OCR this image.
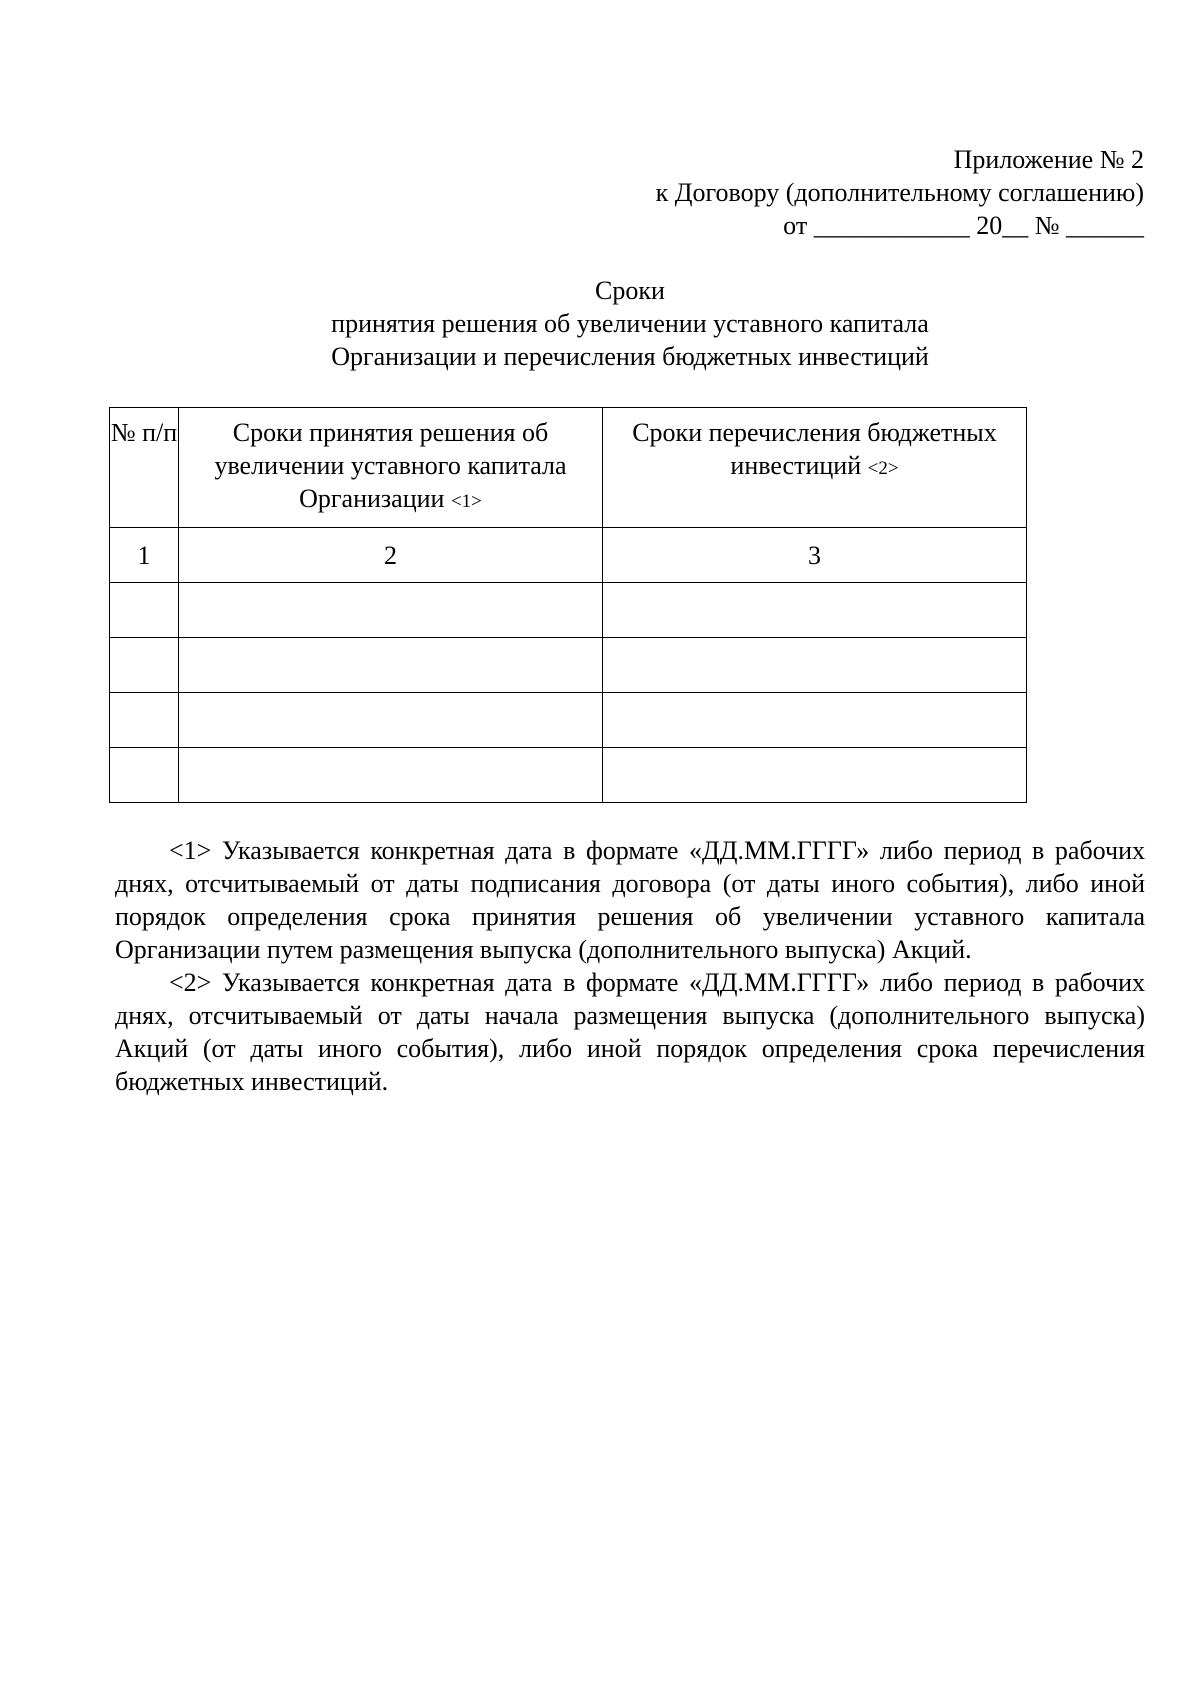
Приложение № 2
к Договору (дополнительному соглашению)
от ____________ 20__ № ______
Сроки
принятия решения об увеличении уставного капитала
Организации и перечисления бюджетных инвестиций
№ п/п	Сроки принятия решения об увеличении уставного капитала Организации <1>	Сроки перечисления бюджетных инвестиций <2>
1	2	3

<1> Указывается конкретная дата в формате «ДД.ММ.ГГГГ» либо период в рабочих днях, отсчитываемый от даты подписания договора (от даты иного события), либо иной порядок определения срока принятия решения об увеличении уставного капитала Организации путем размещения выпуска (дополнительного выпуска) Акций.

<2> Указывается конкретная дата в формате «ДД.ММ.ГГГГ» либо период в рабочих днях, отсчитываемый от даты начала размещения выпуска (дополнительного выпуска) Акций (от даты иного события), либо иной порядок определения срока перечисления бюджетных инвестиций.
